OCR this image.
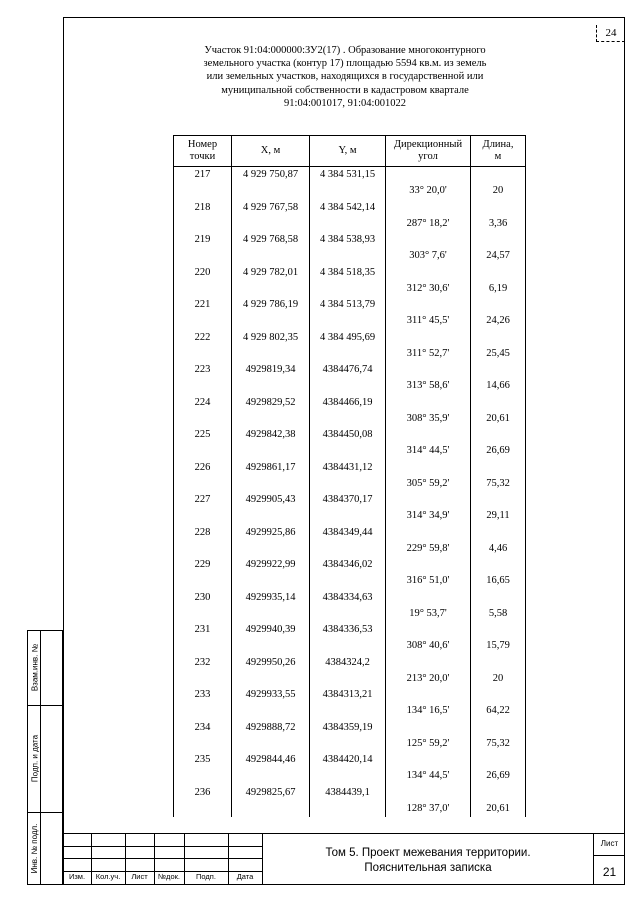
24
Участок 91:04:000000:ЗУ2(17) . Образование многоконтурного
земельного участка (контур 17) площадью 5594 кв.м. из земель
или земельных участков, находящихся в государственной или
муниципальной собственности в кадастровом квартале
91:04:001017, 91:04:001022
Номер
точки	X, м	Y, м	Дирекционный
угол	Длина,
м
217	4 929 750,87	4 384 531,15		
			33° 20,0'	20
218	4 929 767,58	4 384 542,14		
			287° 18,2'	3,36
219	4 929 768,58	4 384 538,93		
			303° 7,6'	24,57
220	4 929 782,01	4 384 518,35		
			312° 30,6'	6,19
221	4 929 786,19	4 384 513,79		
			311° 45,5'	24,26
222	4 929 802,35	4 384 495,69		
			311° 52,7'	25,45
223	4929819,34	4384476,74		
			313° 58,6'	14,66
224	4929829,52	4384466,19		
			308° 35,9'	20,61
225	4929842,38	4384450,08		
			314° 44,5'	26,69
226	4929861,17	4384431,12		
			305° 59,2'	75,32
227	4929905,43	4384370,17		
			314° 34,9'	29,11
228	4929925,86	4384349,44		
			229° 59,8'	4,46
229	4929922,99	4384346,02		
			316° 51,0'	16,65
230	4929935,14	4384334,63		
			19° 53,7'	5,58
231	4929940,39	4384336,53		
			308° 40,6'	15,79
232	4929950,26	4384324,2		
			213° 20,0'	20
233	4929933,55	4384313,21		
			134° 16,5'	64,22
234	4929888,72	4384359,19		
			125° 59,2'	75,32
235	4929844,46	4384420,14		
			134° 44,5'	26,69
236	4929825,67	4384439,1		
			128° 37,0'	20,61
Взам.инв. №
Подп. и дата
Инв. № подл.
Изм.	Кол.уч.	Лист	№док.	Подп.	Дата
Том 5. Проект межевания территории.
Пояснительная записка
Лист
21
